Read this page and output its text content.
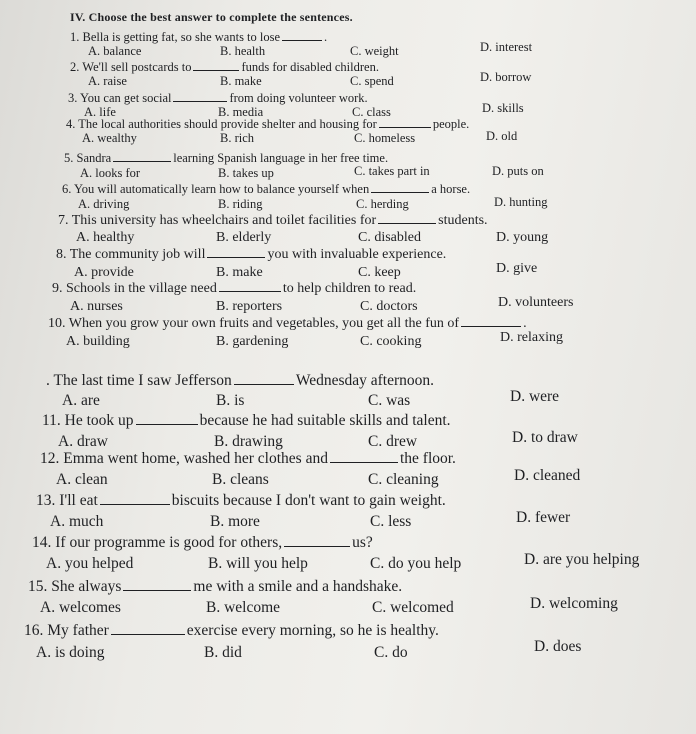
IV. Choose the best answer to complete the sentences.
1. Bella is getting fat, so she wants to lose	.
A. balance	B. health	C. weight	D. interest
2. We'll sell postcards to	funds for disabled children.
A. raise	B. make	C. spend	D. borrow
3. You can get social	from doing volunteer work.
A. life	B. media	C. class	D. skills
4. The local authorities should provide shelter and housing for	people.
A. wealthy	B. rich	C. homeless	D. old
5. Sandra	learning Spanish language in her free time.
A. looks for	B. takes up	C. takes part in	D. puts on
6. You will automatically learn how to balance yourself when	a horse.
A. driving	B. riding	C. herding	D. hunting
7. This university has wheelchairs and toilet facilities for	students.
A. healthy	B. elderly	C. disabled	D. young
8. The community job will	you with invaluable experience.
A. provide	B. make	C. keep	D. give
9. Schools in the village need	to help children to read.
A. nurses	B. reporters	C. doctors	D. volunteers
10. When you grow your own fruits and vegetables, you get all the fun of	.
A. building	B. gardening	C. cooking	D. relaxing
. The last time I saw Jefferson	Wednesday afternoon.
A. are	B. is	C. was	D. were
11. He took up	because he had suitable skills and talent.
A. draw	B. drawing	C. drew	D. to draw
12. Emma went home, washed her clothes and	the floor.
A. clean	B. cleans	C. cleaning	D. cleaned
13. I'll eat	biscuits because I don't want to gain weight.
A. much	B. more	C. less	D. fewer
14. If our programme is good for others,	us?
A. you helped	B. will you help	C. do you help	D. are you helping
15. She always	me with a smile and a handshake.
A. welcomes	B. welcome	C. welcomed	D. welcoming
16. My father	exercise every morning, so he is healthy.
A. is doing	B. did	C. do	D. does
